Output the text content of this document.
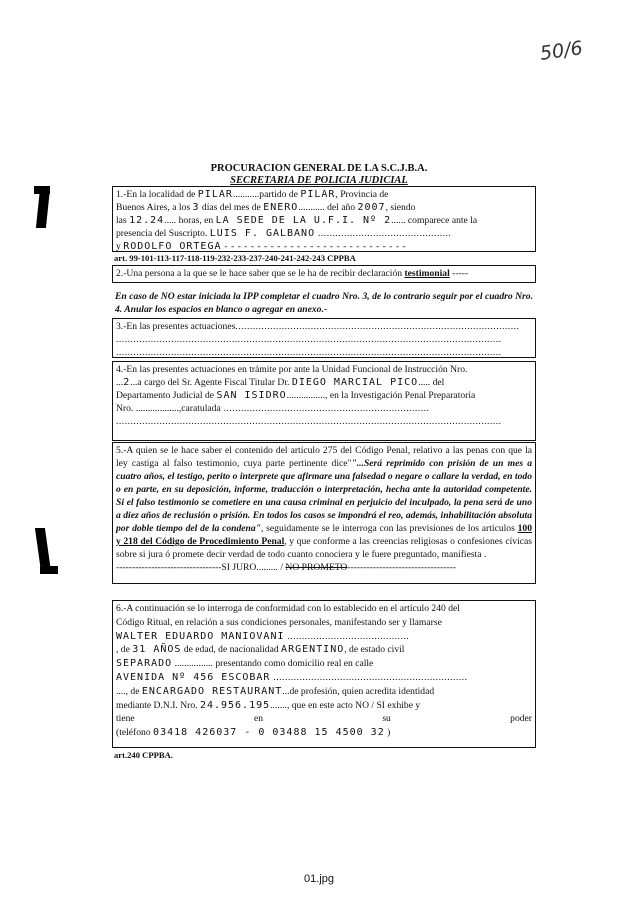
50/6
PROCURACION GENERAL DE LA S.C.J.B.A.
SECRETARIA DE POLICIA JUDICIAL
1.-En la localidad de PILAR...........partido de PILAR, Provincia de
Buenos Aires, a los 3 días del mes de ENERO........... del año 2007, siendo
las 12.24..... horas, en LA SEDE DE LA U.F.I. Nº 2...... comparece ante la
presencia del Suscripto. LUIS F. GALBANO ..............................................
y RODOLFO ORTEGA - - - - - - - - - - - - - - - - - - - - - - - - - - - -
art. 99-101-113-117-118-119-232-233-237-240-241-242-243 CPPBA
2.-Una persona a la que se le hace saber que se le ha de recibir declaración testimonial -----
En caso de NO estar iniciada la IPP completar el cuadro Nro. 3, de lo contrario seguir por el cuadro Nro. 4. Anular los espacios en blanco o agregar en anexo.-
3.-En las presentes actuaciones..................................................................................................
.....................................................................................................................................
.....................................................................................................................................
4.-En las presentes actuaciones en trámite por ante la Unidad Funcional de Instrucción Nro.
...2...a cargo del Sr. Agente Fiscal Titular Dr. DIEGO MARCIAL PICO..... del
Departamento Judicial de SAN ISIDRO................, en la Investigación Penal Preparatoria
Nro. ..................,caratulada .......................................................................
.....................................................................................................................................
5.-A quien se le hace saber el contenido del artículo 275 del Código Penal, relativo a las penas con que la ley castiga al falso testimonio, cuya parte pertinente dice""...Será reprimido con prisión de un mes a cuatro años, el testigo, perito o interprete que afirmare una falsedad o negare o callare la verdad, en todo o en parte, en su deposición, informe, traducción o interpretación, hecha ante la autoridad competente. Si el falso testimonio se cometiere en una causa criminal en perjuicio del inculpado, la pena será de uno a diez años de reclusión o prisión. En todos los casos se impondrá el reo, además, inhabilitación absoluta por doble tiempo del de la condena", seguidamente se le interroga con las previsiones de los artículos 100 y 218 del Código de Procedimiento Penal, y que conforme a las creencias religiosas o confesiones cívicas sobre si jura ó promete decir verdad de todo cuanto conociera y le fuere preguntado, manifiesta .
---------------------------------SI JURO......... / NO PROMETO----------------------------------
6.-A continuación se lo interroga de conformidad con lo establecido en el artículo 240 del
Código Ritual, en relación a sus condiciones personales, manifestando ser y llamarse
WALTER EDUARDO MANIOVANI ..........................................
, de 31 AÑOS de edad, de nacionalidad ARGENTINO, de estado civil
SEPARADO ................ presentando como domicilio real en calle
AVENIDA Nº 456 ESCOBAR ...................................................................
...., de ENCARGADO RESTAURANT...de profesión, quien acredita identidad
mediante D.N.I. Nro. 24.956.195......., que en este acto NO / SI exhibe y
tiene	en	su	poder
(teléfono 03418 426037 - 0 03488 15 4500 32 )
art.240 CPPBA.
01.jpg
